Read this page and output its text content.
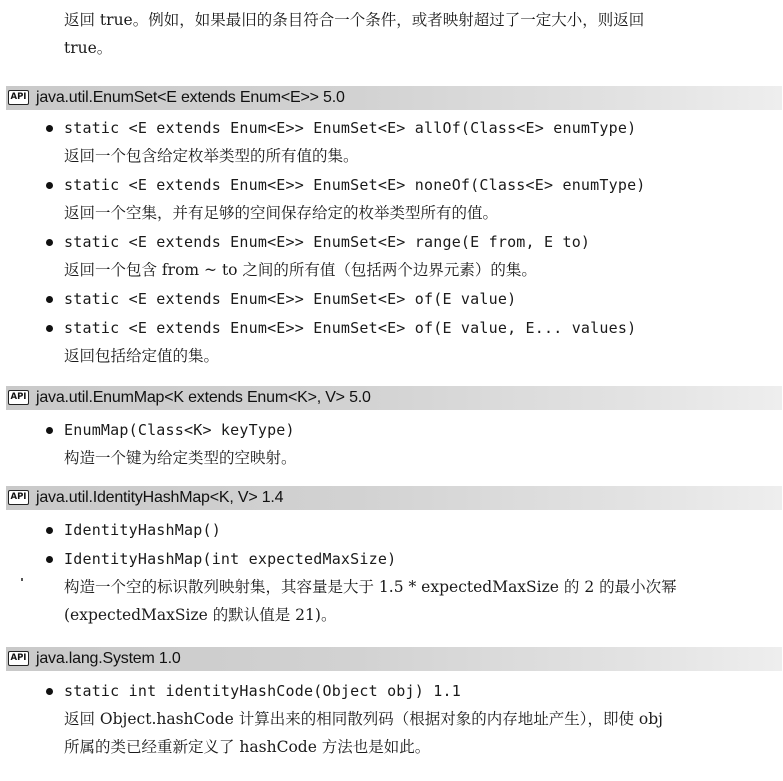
返回 true。例如，如果最旧的条目符合一个条件，或者映射超过了一定大小，则返回
true。
API java.util.EnumSet<E extends Enum<E>> 5.0
static <E extends Enum<E>> EnumSet<E> allOf(Class<E> enumType)
返回一个包含给定枚举类型的所有值的集。
static <E extends Enum<E>> EnumSet<E> noneOf(Class<E> enumType)
返回一个空集，并有足够的空间保存给定的枚举类型所有的值。
static <E extends Enum<E>> EnumSet<E> range(E from, E to)
返回一个包含 from ~ to 之间的所有值（包括两个边界元素）的集。
static <E extends Enum<E>> EnumSet<E> of(E value)
static <E extends Enum<E>> EnumSet<E> of(E value, E... values)
返回包括给定值的集。
API java.util.EnumMap<K extends Enum<K>, V> 5.0
EnumMap(Class<K> keyType)
构造一个键为给定类型的空映射。
API java.util.IdentityHashMap<K, V> 1.4
IdentityHashMap()
IdentityHashMap(int expectedMaxSize)
构造一个空的标识散列映射集，其容量是大于 1.5 * expectedMaxSize 的 2 的最小次幂
(expectedMaxSize 的默认值是 21)。
API java.lang.System 1.0
static int identityHashCode(Object obj) 1.1
返回 Object.hashCode 计算出来的相同散列码（根据对象的内存地址产生），即使 obj
所属的类已经重新定义了 hashCode 方法也是如此。
